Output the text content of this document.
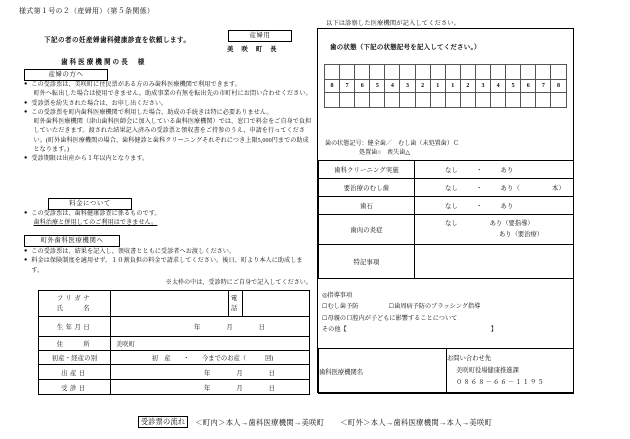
様式第１号の２（産婦用）（第５条関係）
下記の者の妊産婦歯科健康診査を依頼します。
歯科医療機関の長 様
産婦用
美 咲 町 長
産婦の方へ
● この受診票は、美咲町に住民票がある方のみ歯科医療機関で利用できます。

町外へ転出した場合は使用できません。助成事業の有無を転出先の市町村にお問い合わせください。

● 受診票を紛失された場合は、お申し出ください。
● この受診票を町内歯科医療機関で利用した場合、助成の手続きは特に必要ありません。

町外歯科医療機関（津山歯科医師会に加入している歯科医療機関）では、窓口で料金をご自身で負担していただきます。渡された結果記入済みの受診票と領収書をご持参のうえ、申請を行ってください。(町外歯科医療機関の場合、歯科健診と歯科クリーニングそれぞれにつき上限5,000円までの助成となります。)

● 受診期限は出産から１年以内となります。
料金について
● この受診票は、歯科健康診査に係るものです。

歯科治療と併用してのご利用はできません。

町外歯科医療機関へ
● この受診票は、結果を記入し、領収書とともに受診者へお渡しください。
● 料金は保険制度を適用せず、１０割負担の料金で請求してください。後日、町より本人に助成します。
※太枠の中は、受診時にご自身で記入してください。
フリガナ
氏　　名

電
話

生年月日	年 月 日		
住　　所	美咲町		
初産・経産の別	初　産　　・　　今までのお産（　　　回)		
出産日	年 月 日		
受診日	年 月 日		
以下は診察した医療機関が記入してください。
歯の状態（下記の状態記号を記入してください。）

8	7	6	5	4	3	2	1	1	2	3	4	5	6	7	8

歯の状態記号：健全歯／　むし歯（未処置歯）Ｃ
処置歯○　喪失歯△
歯科クリーニング実施	なし ・ あり
要治療のむし歯	なし ・ あり（ 本）
歯石	なし ・ あり
歯肉の炎症	なし あり（要指導）
あり（要治療）

特記事項	
◎指導事項
☐むし歯予防	☐歯周病予防のブラッシング指導
☐母親の口腔内が子どもに影響することについて
その他【	】
歯科医療機関名	
お問い合わせ先
美咲町役場健康推進課
０８６８－６６－１１９５
受診票の流れ ＜町内＞本人→歯科医療機関→美咲町 ＜町外＞本人→歯科医療機関→本人→美咲町
